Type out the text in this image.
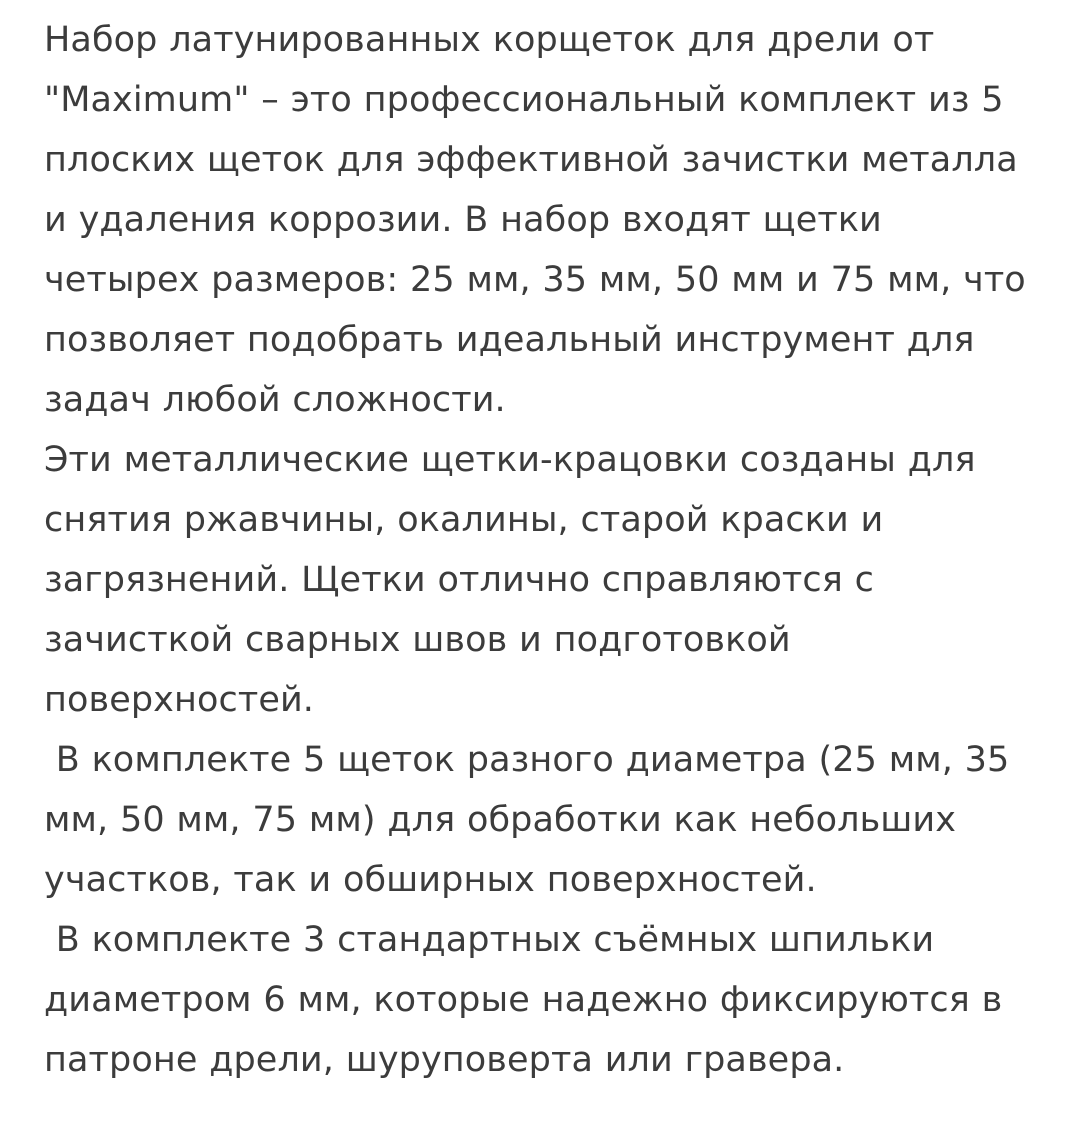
Набор латунированных корщеток для дрели от "Maximum" – это профессиональный комплект из 5 плоских щеток для эффективной зачистки металла и удаления коррозии. В набор входят щетки четырех размеров: 25 мм, 35 мм, 50 мм и 75 мм, что позволяет подобрать идеальный инструмент для задач любой сложности.

Эти металлические щетки-крацовки созданы для снятия ржавчины, окалины, старой краски и загрязнений. Щетки отлично справляются с зачисткой сварных швов и подготовкой поверхностей.

В комплекте 5 щеток разного диаметра (25 мм, 35 мм, 50 мм, 75 мм) для обработки как небольших участков, так и обширных поверхностей.

В комплекте 3 стандартных съёмных шпильки диаметром 6 мм, которые надежно фиксируются в патроне дрели, шуруповерта или гравера.
